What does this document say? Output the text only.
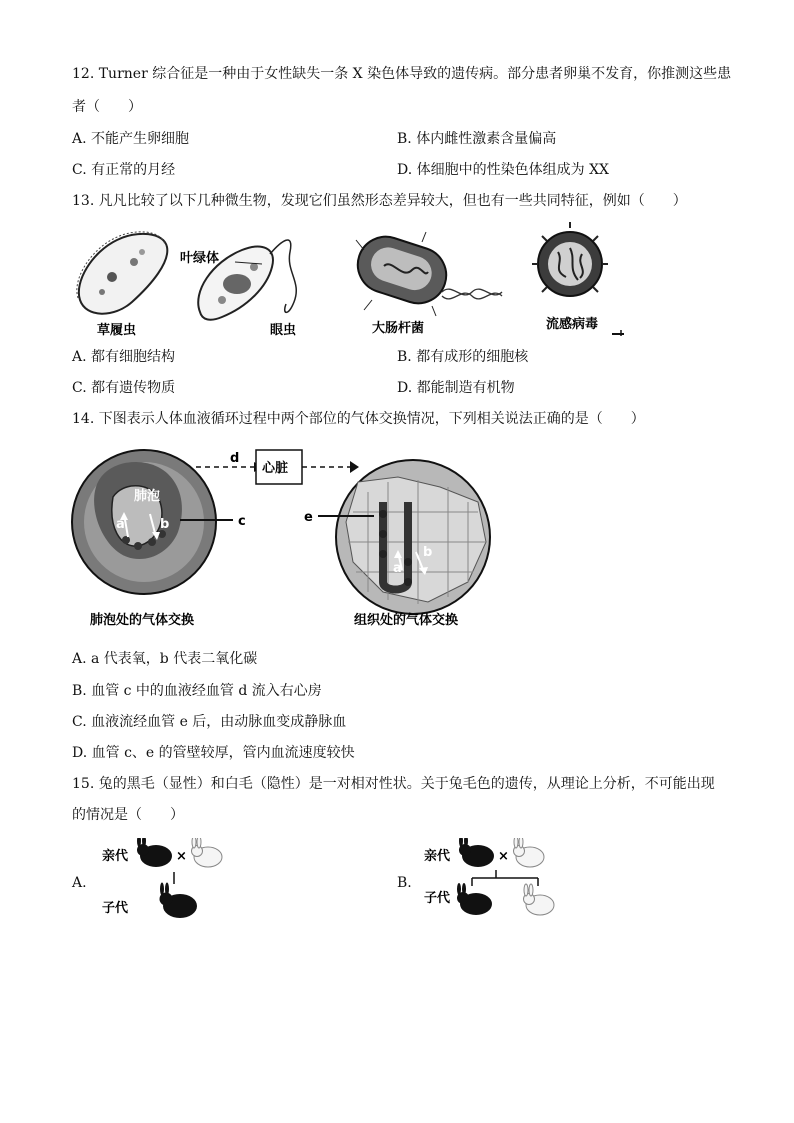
12. Turner 综合征是一种由于女性缺失一条 X 染色体导致的遗传病。部分患者卵巢不发育，你推测这些患
者（　　）
A. 不能产生卵细胞	B. 体内雌性激素含量偏高
C. 有正常的月经	D. 体细胞中的性染色体组成为 XX
13. 凡凡比较了以下几种微生物，发现它们虽然形态差异较大，但也有一些共同特征，例如（　　）
草履虫
叶绿体
眼虫	大肠杆菌	流感病毒
A. 都有细胞结构	B. 都有成形的细胞核
C. 都有遗传物质	D. 都能制造有机物
14. 下图表示人体血液循环过程中两个部位的气体交换情况，下列相关说法正确的是（　　）
肺泡
a	b	c
d
心脏
e
a
b
肺泡处的气体交换	组织处的气体交换
A. a 代表氧，b 代表二氧化碳
B. 血管 c 中的血液经血管 d 流入右心房
C. 血液流经血管 e 后，由动脉血变成静脉血
D. 血管 c、e 的管壁较厚，管内血流速度较快
15. 兔的黑毛（显性）和白毛（隐性）是一对相对性状。关于兔毛色的遗传，从理论上分析，不可能出现
的情况是（　　）
A.
亲代	×
子代
B.
亲代	×
子代
